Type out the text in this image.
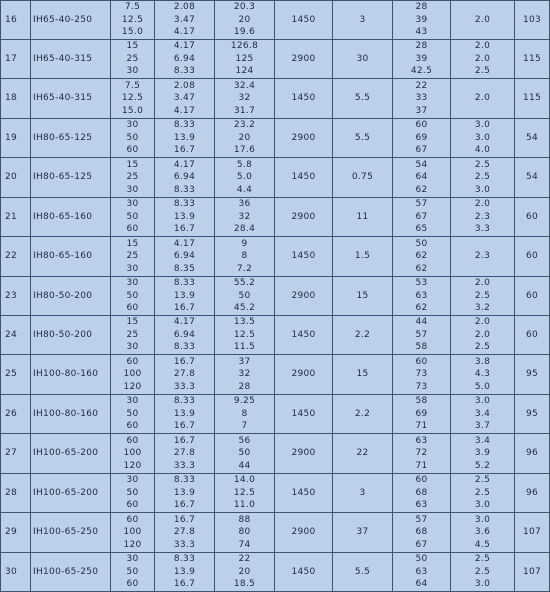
16	IH65-40-250	7.5
12.5
15.0	2.08
3.47
4.17	20.3
20
19.6	1450	3	28
39
43	2.0	103

17	IH65-40-315	15
25
30	4.17
6.94
8.33	126.8
125
124	2900	30	28
39
42.5	2.0
2.0
2.5	115

18	IH65-40-315	7.5
12.5
15.0	2.08
3.47
4.17	32.4
32
31.7	1450	5.5	22
33
37	2.0	115

19	IH80-65-125	30
50
60	8.33
13.9
16.7	23.2
20
17.6	2900	5.5	60
69
67	3.0
3.0
4.0	54

20	IH80-65-125	15
25
30	4.17
6.94
8.33	5.8
5.0
4.4	1450	0.75	54
64
62	2.5
2.5
3.0	54

21	IH80-65-160	30
50
60	8.33
13.9
16.7	36
32
28.4	2900	11	57
67
65	2.0
2.3
3.3	60

22	IH80-65-160	15
25
30	4.17
6.94
8.35	9
8
7.2	1450	1.5	50
62
62	2.3	60

23	IH80-50-200	30
50
60	8.33
13.9
16.7	55.2
50
45.2	2900	15	53
63
62	2.0
2.5
3.2	60

24	IH80-50-200	15
25
30	4.17
6.94
8.33	13.5
12.5
11.5	1450	2.2	44
57
58	2.0
2.0
2.5	60

25	IH100-80-160	60
100
120	16.7
27.8
33.3	37
32
28	2900	15	60
73
73	3.8
4.3
5.0	95

26	IH100-80-160	30
50
60	8.33
13.9
16.7	9.25
8
7	1450	2.2	58
69
71	3.0
3.4
3.7	95

27	IH100-65-200	60
100
120	16.7
27.8
33.3	56
50
44	2900	22	63
72
71	3.4
3.9
5.2	96

28	IH100-65-200	30
50
60	8.33
13.9
16.7	14.0
12.5
11.0	1450	3	60
68
63	2.5
2.5
3.0	96

29	IH100-65-250	60
100
120	16.7
27.8
33.3	88
80
74	2900	37	57
68
67	3.0
3.6
4.5	107

30	IH100-65-250	30
50
60	8.33
13.9
16.7	22
20
18.5	1450	5.5	50
63
64	2.5
2.5
3.0	107
